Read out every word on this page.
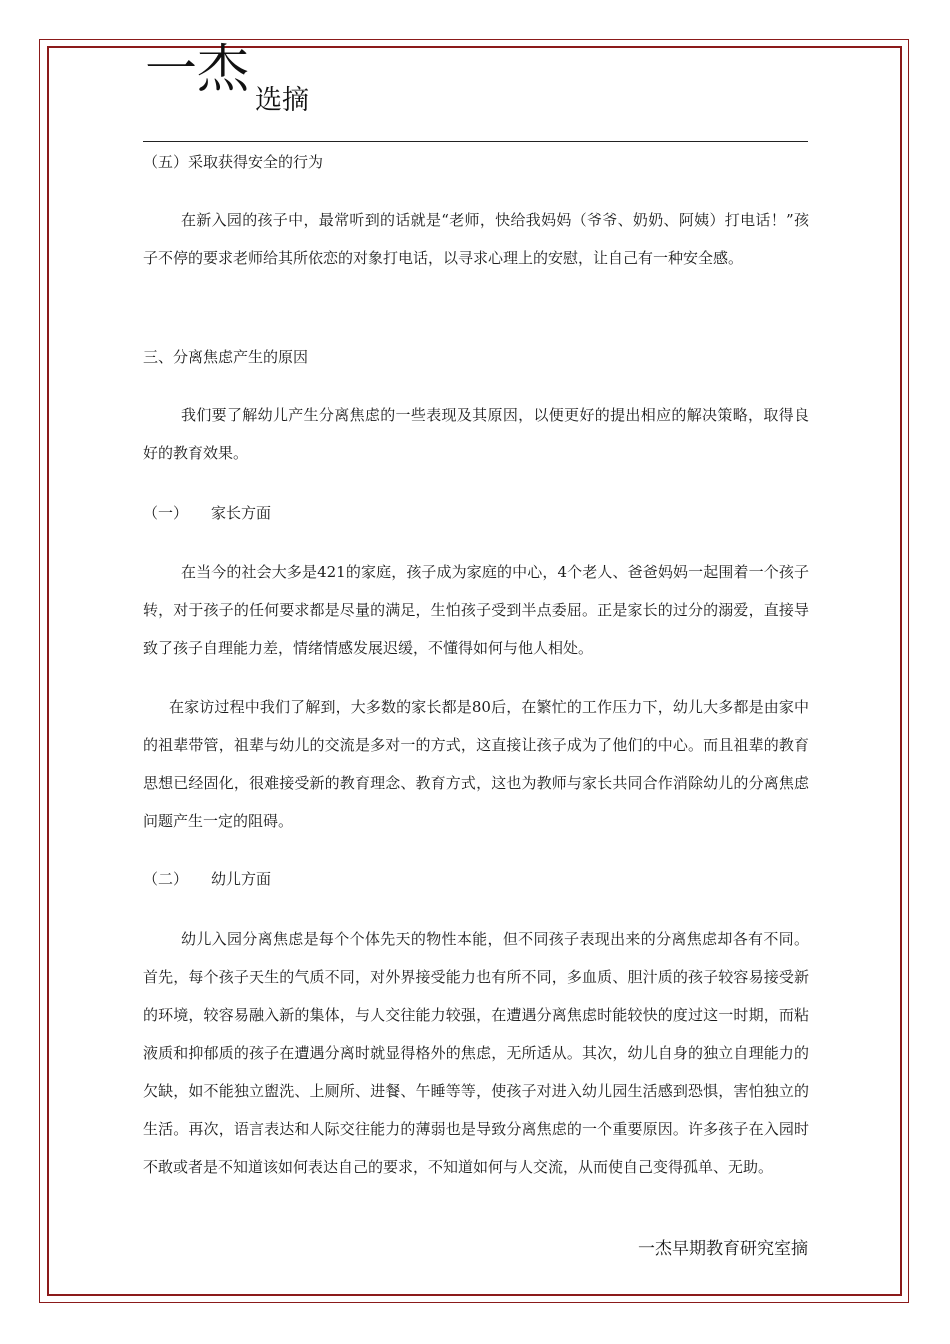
一杰
选摘

（五）采取获得安全的行为

在新入园的孩子中，最常听到的话就是“老师，快给我妈妈（爷爷、奶奶、阿姨）打电话！”孩子不停的要求老师给其所依恋的对象打电话，以寻求心理上的安慰，让自己有一种安全感。

三、分离焦虑产生的原因

我们要了解幼儿产生分离焦虑的一些表现及其原因，以便更好的提出相应的解决策略，取得良好的教育效果。

（一） 家长方面

在当今的社会大多是421的家庭，孩子成为家庭的中心，4个老人、爸爸妈妈一起围着一个孩子转，对于孩子的任何要求都是尽量的满足，生怕孩子受到半点委屈。正是家长的过分的溺爱，直接导致了孩子自理能力差，情绪情感发展迟缓，不懂得如何与他人相处。

在家访过程中我们了解到，大多数的家长都是80后，在繁忙的工作压力下，幼儿大多都是由家中的祖辈带管，祖辈与幼儿的交流是多对一的方式，这直接让孩子成为了他们的中心。而且祖辈的教育思想已经固化，很难接受新的教育理念、教育方式，这也为教师与家长共同合作消除幼儿的分离焦虑问题产生一定的阻碍。

（二） 幼儿方面

幼儿入园分离焦虑是每个个体先天的物性本能，但不同孩子表现出来的分离焦虑却各有不同。首先，每个孩子天生的气质不同，对外界接受能力也有所不同，多血质、胆汁质的孩子较容易接受新的环境，较容易融入新的集体，与人交往能力较强，在遭遇分离焦虑时能较快的度过这一时期，而粘液质和抑郁质的孩子在遭遇分离时就显得格外的焦虑，无所适从。其次，幼儿自身的独立自理能力的欠缺，如不能独立盥洗、上厕所、进餐、午睡等等，使孩子对进入幼儿园生活感到恐惧，害怕独立的生活。再次，语言表达和人际交往能力的薄弱也是导致分离焦虑的一个重要原因。许多孩子在入园时不敢或者是不知道该如何表达自己的要求，不知道如何与人交流，从而使自己变得孤单、无助。

一杰早期教育研究室摘
